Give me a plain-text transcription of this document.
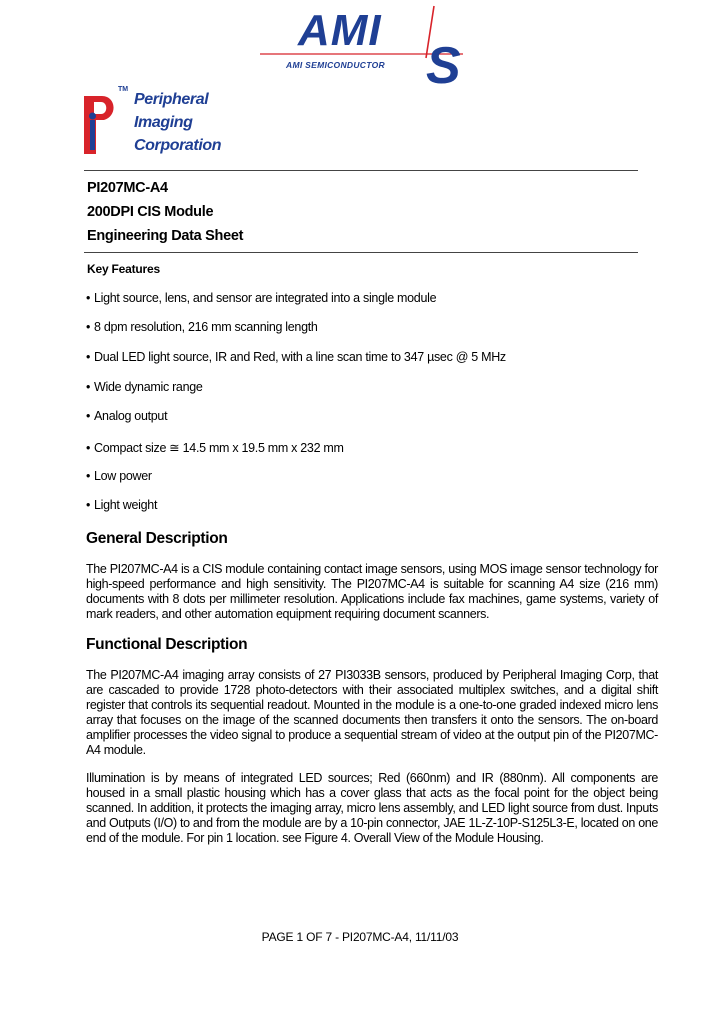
AMI
S
AMI SEMICONDUCTOR
TM
Peripheral
Imaging
Corporation
PI207MC-A4
200DPI CIS Module
Engineering Data Sheet
Key Features
• Light source, lens, and sensor are integrated into a single module
• 8 dpm resolution, 216 mm scanning length
• Dual LED light source, IR and Red, with a line scan time to 347 µsec @ 5 MHz
• Wide dynamic range
• Analog output
• Compact size ≅ 14.5 mm x 19.5 mm x 232 mm
• Low power
• Light weight
General Description
The PI207MC-A4 is a CIS module containing contact image sensors, using MOS image sensor technology for high-speed performance and high sensitivity. The PI207MC-A4 is suitable for scanning A4 size (216 mm) documents with 8 dots per millimeter resolution. Applications include fax machines, game systems, variety of mark readers, and other automation equipment requiring document scanners.
Functional Description
The PI207MC-A4 imaging array consists of 27 PI3033B sensors, produced by Peripheral Imaging Corp, that are cascaded to provide 1728 photo-detectors with their associated multiplex switches, and a digital shift register that controls its sequential readout. Mounted in the module is a one-to-one graded indexed micro lens array that focuses on the image of the scanned documents then transfers it onto the sensors. The on-board amplifier processes the video signal to produce a sequential stream of video at the output pin of the PI207MC-A4 module.
Illumination is by means of integrated LED sources; Red (660nm) and IR (880nm). All components are housed in a small plastic housing which has a cover glass that acts as the focal point for the object being scanned. In addition, it protects the imaging array, micro lens assembly, and LED light source from dust. Inputs and Outputs (I/O) to and from the module are by a 10-pin connector, JAE 1L-Z-10P-S125L3-E, located on one end of the module. For pin 1 location. see Figure 4. Overall View of the Module Housing.
PAGE 1 OF 7 - PI207MC-A4, 11/11/03
